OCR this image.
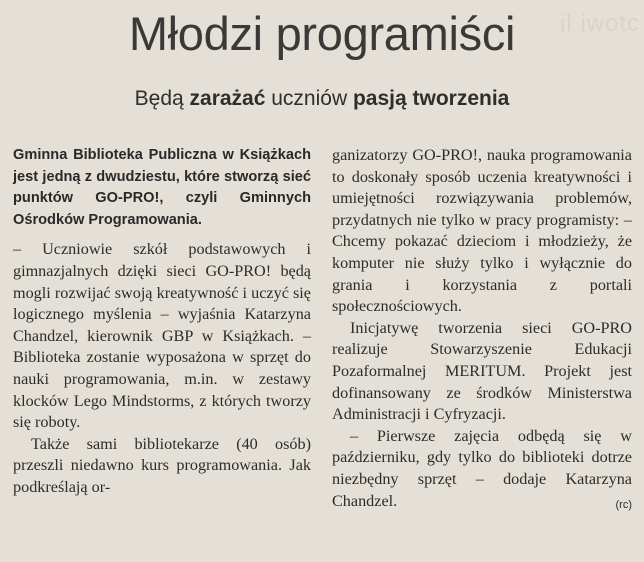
il iwotc
Młodzi programiści
Będą zarażać uczniów pasją tworzenia
Gminna Biblioteka Publiczna w Książkach jest jedną z dwudziestu, które stworzą sieć punktów GO-PRO!, czyli Gminnych Ośrodków Programowania.

– Uczniowie szkół podstawowych i gimnazjalnych dzięki sieci GO-PRO! będą mogli rozwijać swoją kreatywność i uczyć się logicznego myślenia – wyjaśnia Katarzyna Chandzel, kierownik GBP w Książkach. – Biblioteka zostanie wyposażona w sprzęt do nauki programowania, m.in. w zestawy klocków Lego Mindstorms, z których tworzy się roboty.

Także sami bibliotekarze (40 osób) przeszli niedawno kurs programowania. Jak podkreślają or-

ganizatorzy GO-PRO!, nauka programowania to doskonały sposób uczenia kreatywności i umiejętności rozwiązywania problemów, przydatnych nie tylko w pracy programisty: – Chcemy pokazać dzieciom i młodzieży, że komputer nie służy tylko i wyłącznie do grania i korzystania z portali społecznościowych.

Inicjatywę tworzenia sieci GO-PRO realizuje Stowarzyszenie Edukacji Pozaformalnej MERITUM. Projekt jest dofinansowany ze środków Ministerstwa Administracji i Cyfryzacji.

– Pierwsze zajęcia odbędą się w październiku, gdy tylko do biblioteki dotrze niezbędny sprzęt – dodaje Katarzyna Chandzel.	(rc)
